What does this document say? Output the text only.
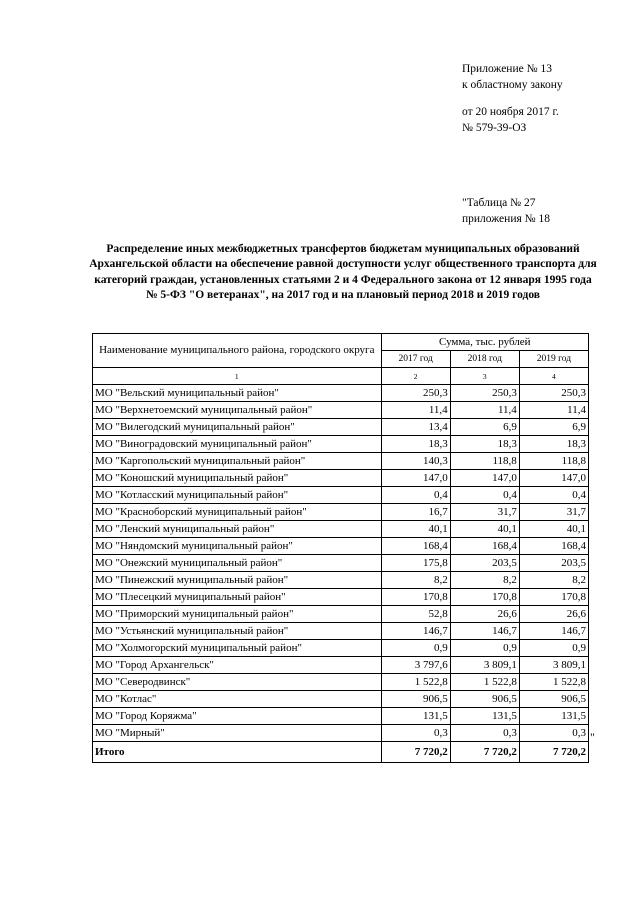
Приложение № 13
к областному закону
от 20 ноября 2017 г.
№ 579-39-ОЗ
"Таблица № 27
приложения № 18
Распределение иных межбюджетных трансфертов бюджетам муниципальных образований Архангельской области на обеспечение равной доступности услуг общественного транспорта для категорий граждан, установленных статьями 2 и 4 Федерального закона от 12 января 1995 года № 5-ФЗ "О ветеранах", на 2017 год и на плановый период 2018 и 2019 годов
Наименование муниципального района, городского округа	Сумма, тыс. рублей		
	2017 год	2018 год	2019 год
1	2	3	4
МО "Вельский муниципальный район"	250,3	250,3	250,3
МО "Верхнетоемский муниципальный район"	11,4	11,4	11,4
МО "Вилегодский муниципальный район"	13,4	6,9	6,9
МО "Виноградовский муниципальный район"	18,3	18,3	18,3
МО "Каргопольский муниципальный район"	140,3	118,8	118,8
МО "Коношский муниципальный район"	147,0	147,0	147,0
МО "Котласский муниципальный район"	0,4	0,4	0,4
МО "Красноборский муниципальный район"	16,7	31,7	31,7
МО "Ленский муниципальный район"	40,1	40,1	40,1
МО "Няндомский муниципальный район"	168,4	168,4	168,4
МО "Онежский муниципальный район"	175,8	203,5	203,5
МО "Пинежский муниципальный район"	8,2	8,2	8,2
МО "Плесецкий муниципальный район"	170,8	170,8	170,8
МО "Приморский муниципальный район"	52,8	26,6	26,6
МО "Устьянский муниципальный район"	146,7	146,7	146,7
МО "Холмогорский муниципальный район"	0,9	0,9	0,9
МО "Город Архангельск"	3 797,6	3 809,1	3 809,1
МО "Северодвинск"	1 522,8	1 522,8	1 522,8
МО "Котлас"	906,5	906,5	906,5
МО "Город Коряжма"	131,5	131,5	131,5
МО "Мирный"	0,3	0,3	0,3
Итого	7 720,2	7 720,2	7 720,2
"
